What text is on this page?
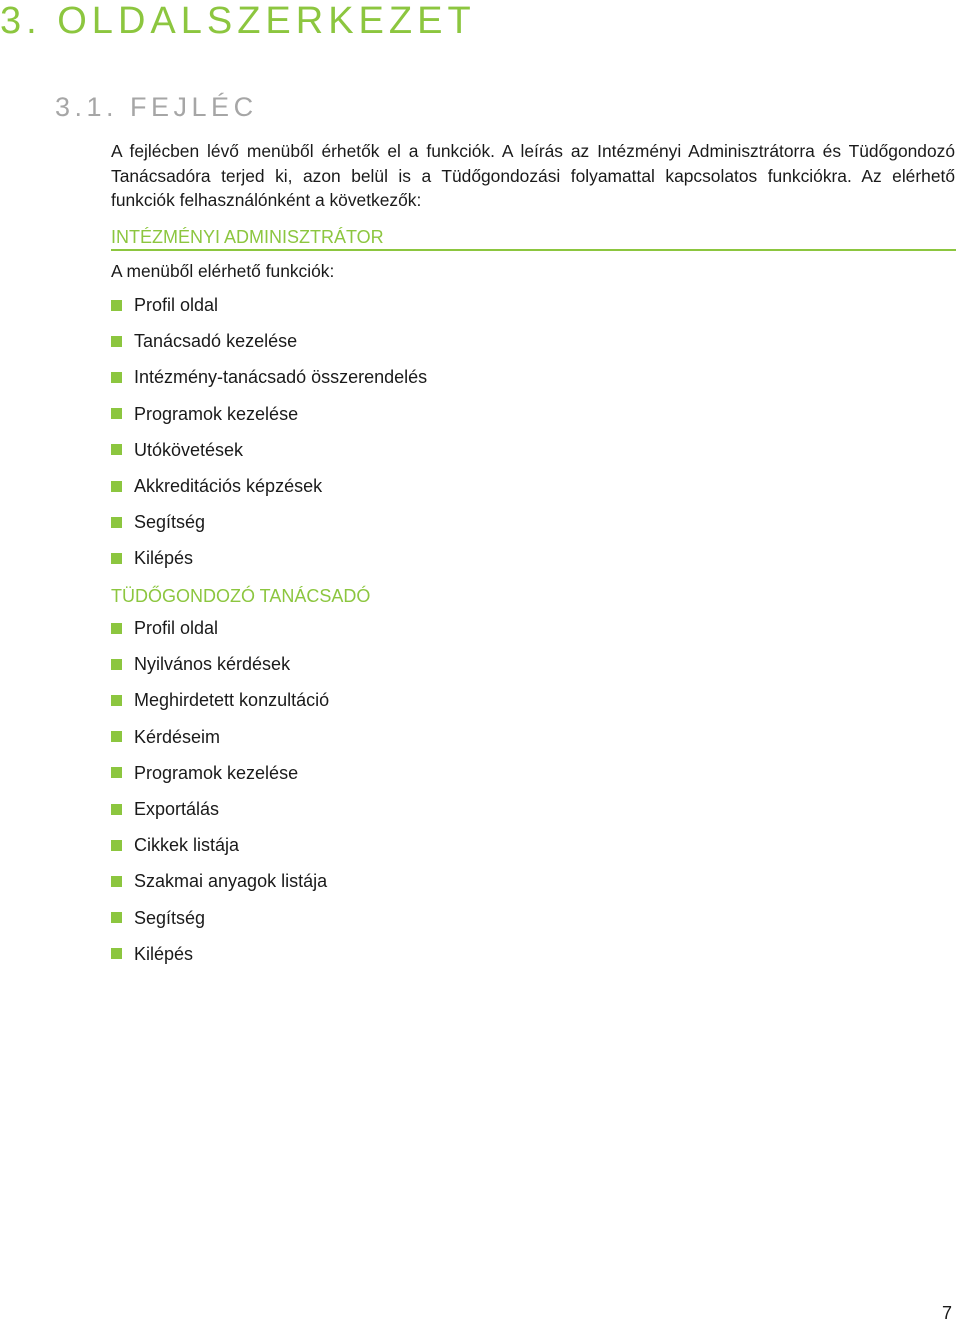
3. OLDALSZERKEZET
3.1. FEJLÉC
A fejlécben lévő menüből érhetők el a funkciók. A leírás az Intézményi Adminisztrátorra és Tüdőgondozó Tanácsadóra terjed ki, azon belül is a Tüdőgondozási folyamattal kapcsolatos funkciókra. Az elérhető funkciók felhasználónként a következők:
INTÉZMÉNYI ADMINISZTRÁTOR
A menüből elérhető funkciók:
Profil oldal
Tanácsadó kezelése
Intézmény-tanácsadó összerendelés
Programok kezelése
Utókövetések
Akkreditációs képzések
Segítség
Kilépés
TÜDŐGONDOZÓ TANÁCSADÓ
Profil oldal
Nyilvános kérdések
Meghirdetett konzultáció
Kérdéseim
Programok kezelése
Exportálás
Cikkek listája
Szakmai anyagok listája
Segítség
Kilépés
7
